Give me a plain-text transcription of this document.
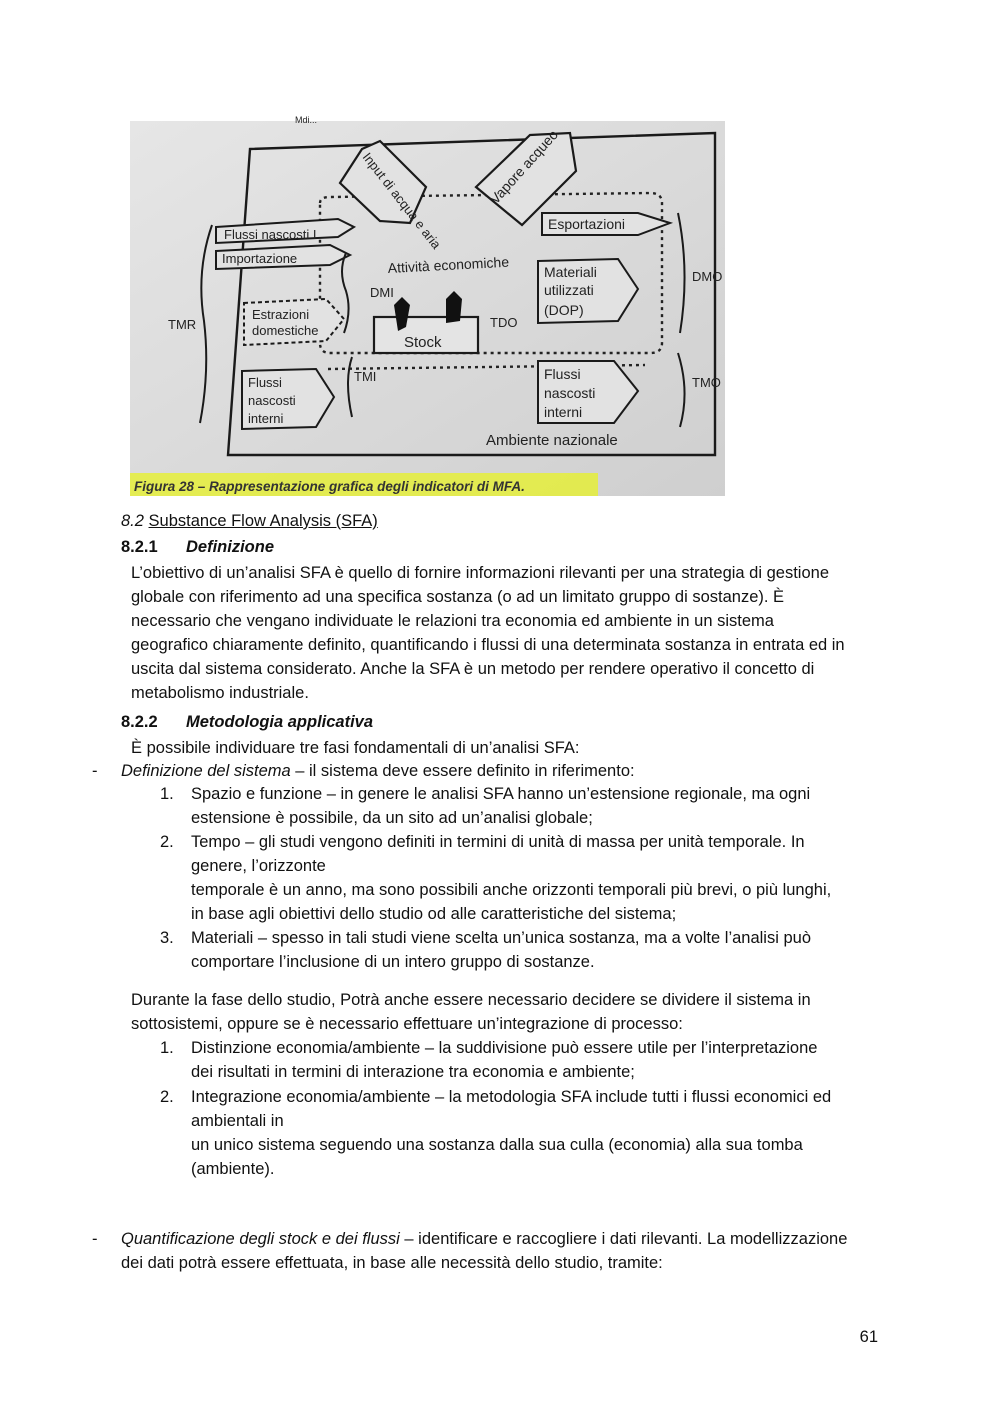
Mdi...
Input di acqua e aria	Vapore acqueo
Esportazioni
Flussi nascosti I
Importazione	Attività economiche Materiali
utilizzati
(DOP)
DMI
DMO
TMR
Estrazioni
domestiche
Stock
TDO
TMI
Flussi
nascosti
interni
Flussi
nascosti
interni
TMO
Ambiente nazionale
Figura 28 – Rappresentazione grafica degli indicatori di MFA.
8.2 Substance Flow Analysis (SFA)
8.2.1 Definizione
L’obiettivo di un’analisi SFA è quello di fornire informazioni rilevanti per una strategia di gestione
globale con riferimento ad una specifica sostanza (o ad un limitato gruppo di sostanze). È
necessario che vengano individuate le relazioni tra economia ed ambiente in un sistema
geografico chiaramente definito, quantificando i flussi di una determinata sostanza in entrata ed in
uscita dal sistema considerato. Anche la SFA è un metodo per rendere operativo il concetto di
metabolismo industriale.
8.2.2 Metodologia applicativa
È possibile individuare tre fasi fondamentali di un’analisi SFA:
- Definizione del sistema – il sistema deve essere definito in riferimento:
1. Spazio e funzione – in genere le analisi SFA hanno un’estensione regionale, ma ogni
estensione è possibile, da un sito ad un’analisi globale;
2. Tempo – gli studi vengono definiti in termini di unità di massa per unità temporale. In
genere, l’orizzonte
temporale è un anno, ma sono possibili anche orizzonti temporali più brevi, o più lunghi,
in base agli obiettivi dello studio od alle caratteristiche del sistema;
3. Materiali – spesso in tali studi viene scelta un’unica sostanza, ma a volte l’analisi può
comportare l’inclusione di un intero gruppo di sostanze.
Durante la fase dello studio, Potrà anche essere necessario decidere se dividere il sistema in
sottosistemi, oppure se è necessario effettuare un’integrazione di processo:
1. Distinzione economia/ambiente – la suddivisione può essere utile per l’interpretazione
dei risultati in termini di interazione tra economia e ambiente;
2. Integrazione economia/ambiente – la metodologia SFA include tutti i flussi economici ed
ambientali in
un unico sistema seguendo una sostanza dalla sua culla (economia) alla sua tomba
(ambiente).
- Quantificazione degli stock e dei flussi – identificare e raccogliere i dati rilevanti. La modellizzazione
dei dati potrà essere effettuata, in base alle necessità dello studio, tramite:
61
